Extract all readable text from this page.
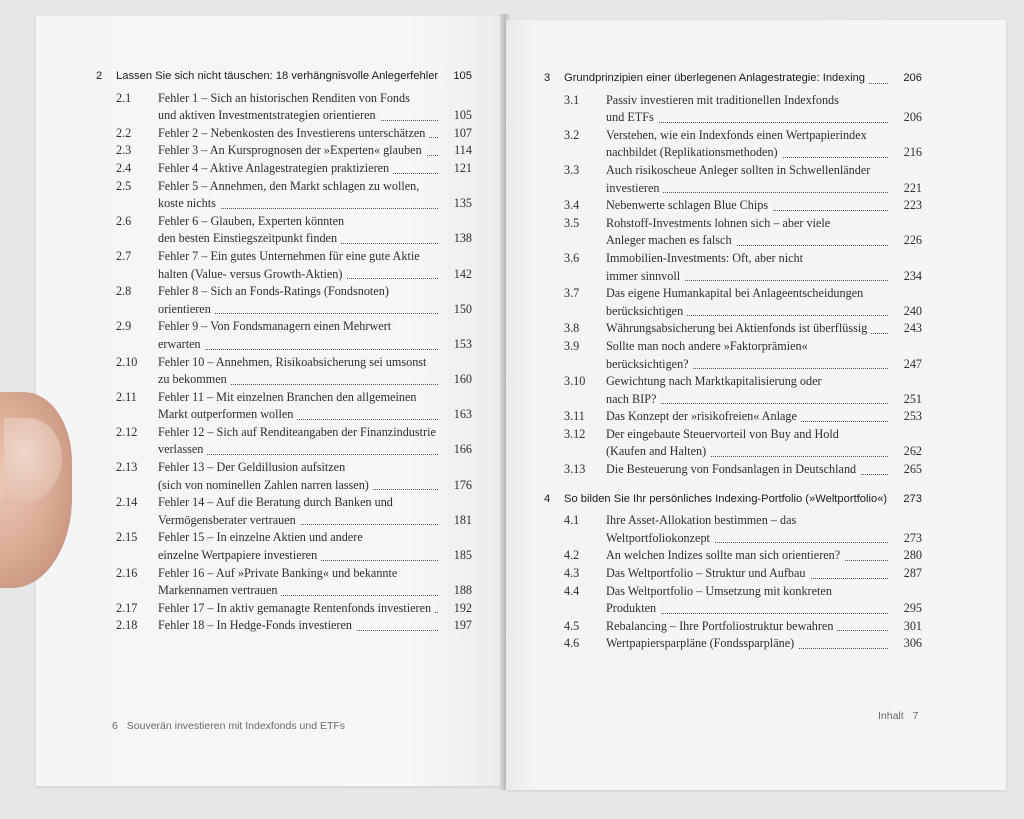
2 Lassen Sie sich nicht täuschen: 18 verhängnisvolle Anlegerfehler 105
2.1 Fehler 1 – Sich an historischen Renditen von Fonds
und aktiven Investmentstrategien orientieren	105
2.2 Fehler 2 – Nebenkosten des Investierens unterschätzen 107
2.3 Fehler 3 – An Kursprognosen der »Experten« glauben	114
2.4 Fehler 4 – Aktive Anlagestrategien praktizieren	121
2.5 Fehler 5 – Annehmen, den Markt schlagen zu wollen,
koste nichts	135
2.6 Fehler 6 – Glauben, Experten könnten
den besten Einstiegszeitpunkt finden	138
2.7 Fehler 7 – Ein gutes Unternehmen für eine gute Aktie
halten (Value- versus Growth-Aktien)	142
2.8 Fehler 8 – Sich an Fonds-Ratings (Fondsnoten)
orientieren	150
2.9 Fehler 9 – Von Fondsmanagern einen Mehrwert
erwarten	153
2.10 Fehler 10 – Annehmen, Risikoabsicherung sei umsonst
zu bekommen	160
2.11 Fehler 11 – Mit einzelnen Branchen den allgemeinen
Markt outperformen wollen	163
2.12 Fehler 12 – Sich auf Renditeangaben der Finanzindustrie
verlassen	166
2.13 Fehler 13 – Der Geldillusion aufsitzen
(sich von nominellen Zahlen narren lassen)	176
2.14 Fehler 14 – Auf die Beratung durch Banken und
Vermögensberater vertrauen	181
2.15 Fehler 15 – In einzelne Aktien und andere
einzelne Wertpapiere investieren	185
2.16 Fehler 16 – Auf »Private Banking« und bekannte
Markennamen vertrauen	188
2.17 Fehler 17 – In aktiv gemanagte Rentenfonds investieren 192
2.18 Fehler 18 – In Hedge-Fonds investieren	197
6 Souverän investieren mit Indexfonds und ETFs
3 Grundprinzipien einer überlegenen Anlagestrategie: Indexing	206
3.1 Passiv investieren mit traditionellen Indexfonds
und ETFs	206
3.2 Verstehen, wie ein Indexfonds einen Wertpapierindex
nachbildet (Replikationsmethoden)	216
3.3 Auch risikoscheue Anleger sollten in Schwellenländer
investieren	221
3.4 Nebenwerte schlagen Blue Chips	223
3.5 Rohstoff-Investments lohnen sich – aber viele
Anleger machen es falsch	226
3.6 Immobilien-Investments: Oft, aber nicht
immer sinnvoll	234
3.7 Das eigene Humankapital bei Anlageentscheidungen
berücksichtigen	240
3.8 Währungsabsicherung bei Aktienfonds ist überflüssig	243
3.9 Sollte man noch andere »Faktorprämien«
berücksichtigen?	247
3.10 Gewichtung nach Marktkapitalisierung oder
nach BIP?	251
3.11 Das Konzept der »risikofreien« Anlage	253
3.12 Der eingebaute Steuervorteil von Buy and Hold
(Kaufen and Halten)	262
3.13 Die Besteuerung von Fondsanlagen in Deutschland	265
4 So bilden Sie Ihr persönliches Indexing-Portfolio (»Weltportfolio«) 273
4.1 Ihre Asset-Allokation bestimmen – das
Weltportfoliokonzept	273
4.2 An welchen Indizes sollte man sich orientieren?	280
4.3 Das Weltportfolio – Struktur und Aufbau	287
4.4 Das Weltportfolio – Umsetzung mit konkreten
Produkten	295
4.5 Rebalancing – Ihre Portfoliostruktur bewahren	301
4.6 Wertpapiersparpläne (Fondssparpläne)	306
Inhalt 7
